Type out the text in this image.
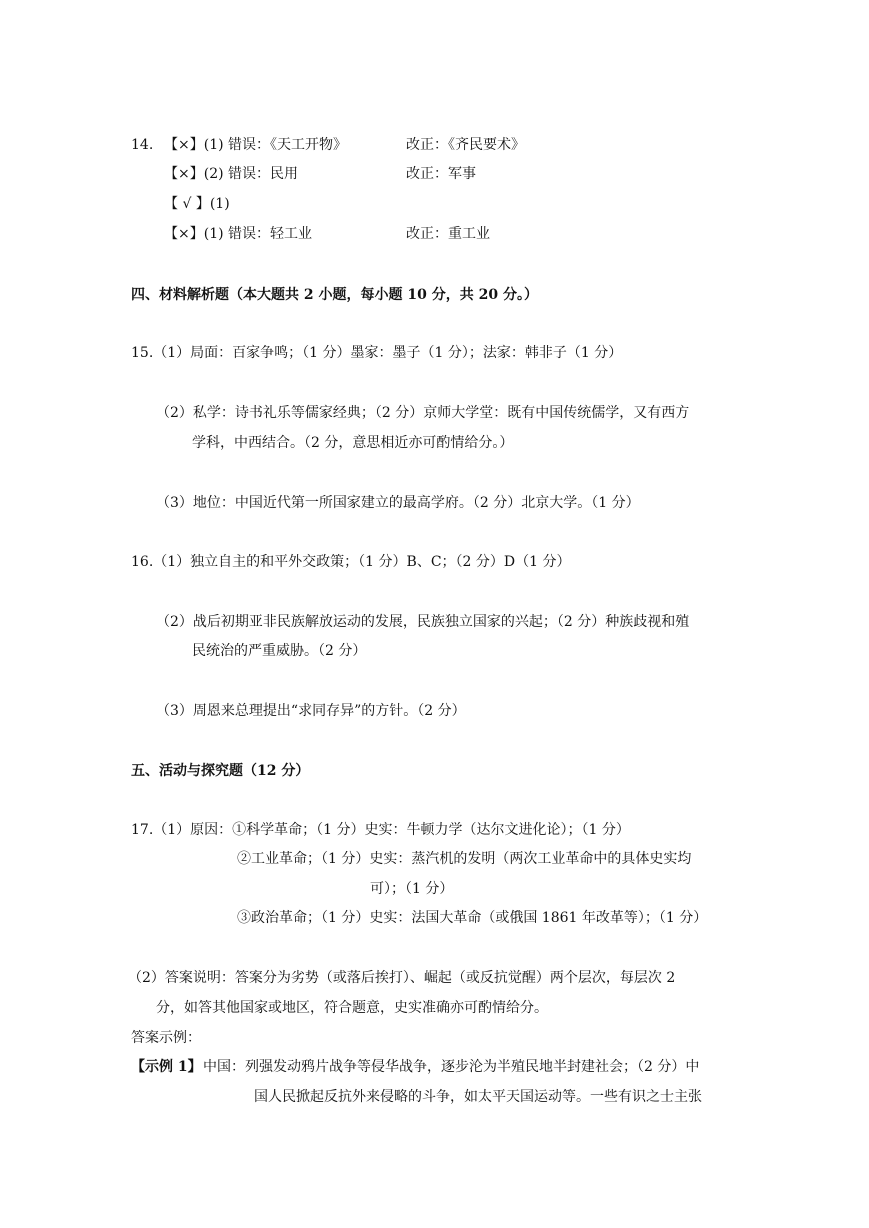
14. 【×】(1) 错误：《天工开物》	改正：《齐民要术》
【×】(2) 错误：民用	改正：军事
【 √ 】(1)
【×】(1) 错误：轻工业	改正：重工业
四、材料解析题（本大题共 2 小题，每小题 10 分，共 20 分。）
15.（1）局面：百家争鸣；（1 分）墨家：墨子（1 分）；法家：韩非子（1 分）
（2）私学：诗书礼乐等儒家经典；（2 分）京师大学堂：既有中国传统儒学，又有西方
学科，中西结合。（2 分，意思相近亦可酌情给分。）
（3）地位：中国近代第一所国家建立的最高学府。（2 分）北京大学。（1 分）
16.（1）独立自主的和平外交政策；（1 分）B、C；（2 分）D（1 分）
（2）战后初期亚非民族解放运动的发展，民族独立国家的兴起；（2 分）种族歧视和殖
民统治的严重威胁。（2 分）
（3）周恩来总理提出“求同存异”的方针。（2 分）
五、活动与探究题（12 分）
17.（1）原因：①科学革命；（1 分）史实：牛顿力学（达尔文进化论）；（1 分）
②工业革命；（1 分）史实：蒸汽机的发明（两次工业革命中的具体史实均
可）；（1 分）
③政治革命；（1 分）史实：法国大革命（或俄国 1861 年改革等）；（1 分）
（2）答案说明：答案分为劣势（或落后挨打）、崛起（或反抗觉醒）两个层次，每层次 2
分，如答其他国家或地区，符合题意，史实准确亦可酌情给分。
答案示例：
【示例 1】 中国：列强发动鸦片战争等侵华战争，逐步沦为半殖民地半封建社会；（2 分）中
国人民掀起反抗外来侵略的斗争，如太平天国运动等。一些有识之士主张
